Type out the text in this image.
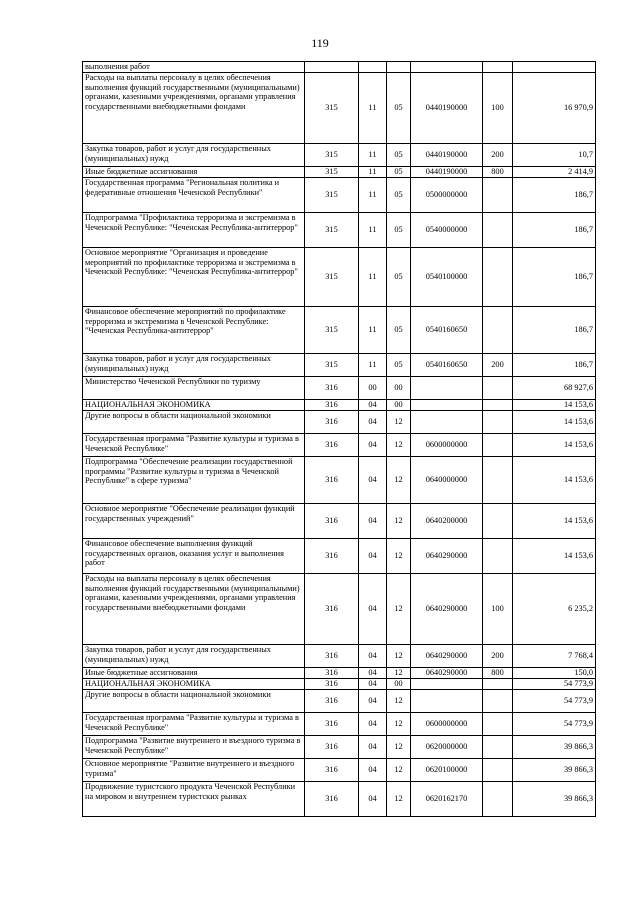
119
выполнения работ						
Расходы на выплаты персоналу в целях обеспечения выполнения функций государственными (муниципальными) органами, казенными учреждениями, органами управления государственными внебюджетными фондами	315	11	05	0440190000	100	16 970,9
Закупка товаров, работ и услуг для государственных (муниципальных) нужд	315	11	05	0440190000	200	10,7
Иные бюджетные ассигнования	315	11	05	0440190000	800	2 414,9
Государственная программа "Региональная политика и федеративные отношения Чеченской Республики"	315	11	05	0500000000		186,7
Подпрограмма "Профилактика терроризма и экстремизма в Чеченской Республике: "Чеченская Республика-антитеррор"	315	11	05	0540000000		186,7
Основное мероприятие "Организация и проведение мероприятий по профилактике терроризма и экстремизма в Чеченской Республике: "Чеченская Республика-антитеррор"	315	11	05	0540100000		186,7
Финансовое обеспечение мероприятий по профилактике терроризма и экстремизма в Чеченской Республике: "Чеченская Республика-антитеррор"	315	11	05	0540160650		186,7
Закупка товаров, работ и услуг для государственных (муниципальных) нужд	315	11	05	0540160650	200	186,7
Министерство Чеченской Республики по туризму	316	00	00			68 927,6
НАЦИОНАЛЬНАЯ ЭКОНОМИКА	316	04	00			14 153,6
Другие вопросы в области национальной экономики	316	04	12			14 153,6
Государственная программа "Развитие культуры и туризма в Чеченской Республике"	316	04	12	0600000000		14 153,6
Подпрограмма "Обеспечение реализации государственной программы "Развитие культуры и туризма в Чеченской Республике" в сфере туризма"	316	04	12	0640000000		14 153,6
Основное мероприятие "Обеспечение реализации функций государственных учреждений"	316	04	12	0640200000		14 153,6
Финансовое обеспечение выполнения функций государственных органов, оказания услуг и выполнения работ	316	04	12	0640290000		14 153,6
Расходы на выплаты персоналу в целях обеспечения выполнения функций государственными (муниципальными) органами, казенными учреждениями, органами управления государственными внебюджетными фондами	316	04	12	0640290000	100	6 235,2
Закупка товаров, работ и услуг для государственных (муниципальных) нужд	316	04	12	0640290000	200	7 768,4
Иные бюджетные ассигнования	316	04	12	0640290000	800	150,0
НАЦИОНАЛЬНАЯ ЭКОНОМИКА	316	04	00			54 773,9
Другие вопросы в области национальной экономики	316	04	12			54 773,9
Государственная программа "Развитие культуры и туризма в Чеченской Республике"	316	04	12	0600000000		54 773,9
Подпрограмма "Развитие внутреннего и въездного туризма в Чеченской Республике"	316	04	12	0620000000		39 866,3
Основное мероприятие "Развитие внутреннего и въездного туризма"	316	04	12	0620100000		39 866,3
Продвижение туристского продукта Чеченской Республики на мировом и внутреннем туристских рынках	316	04	12	0620162170		39 866,3
